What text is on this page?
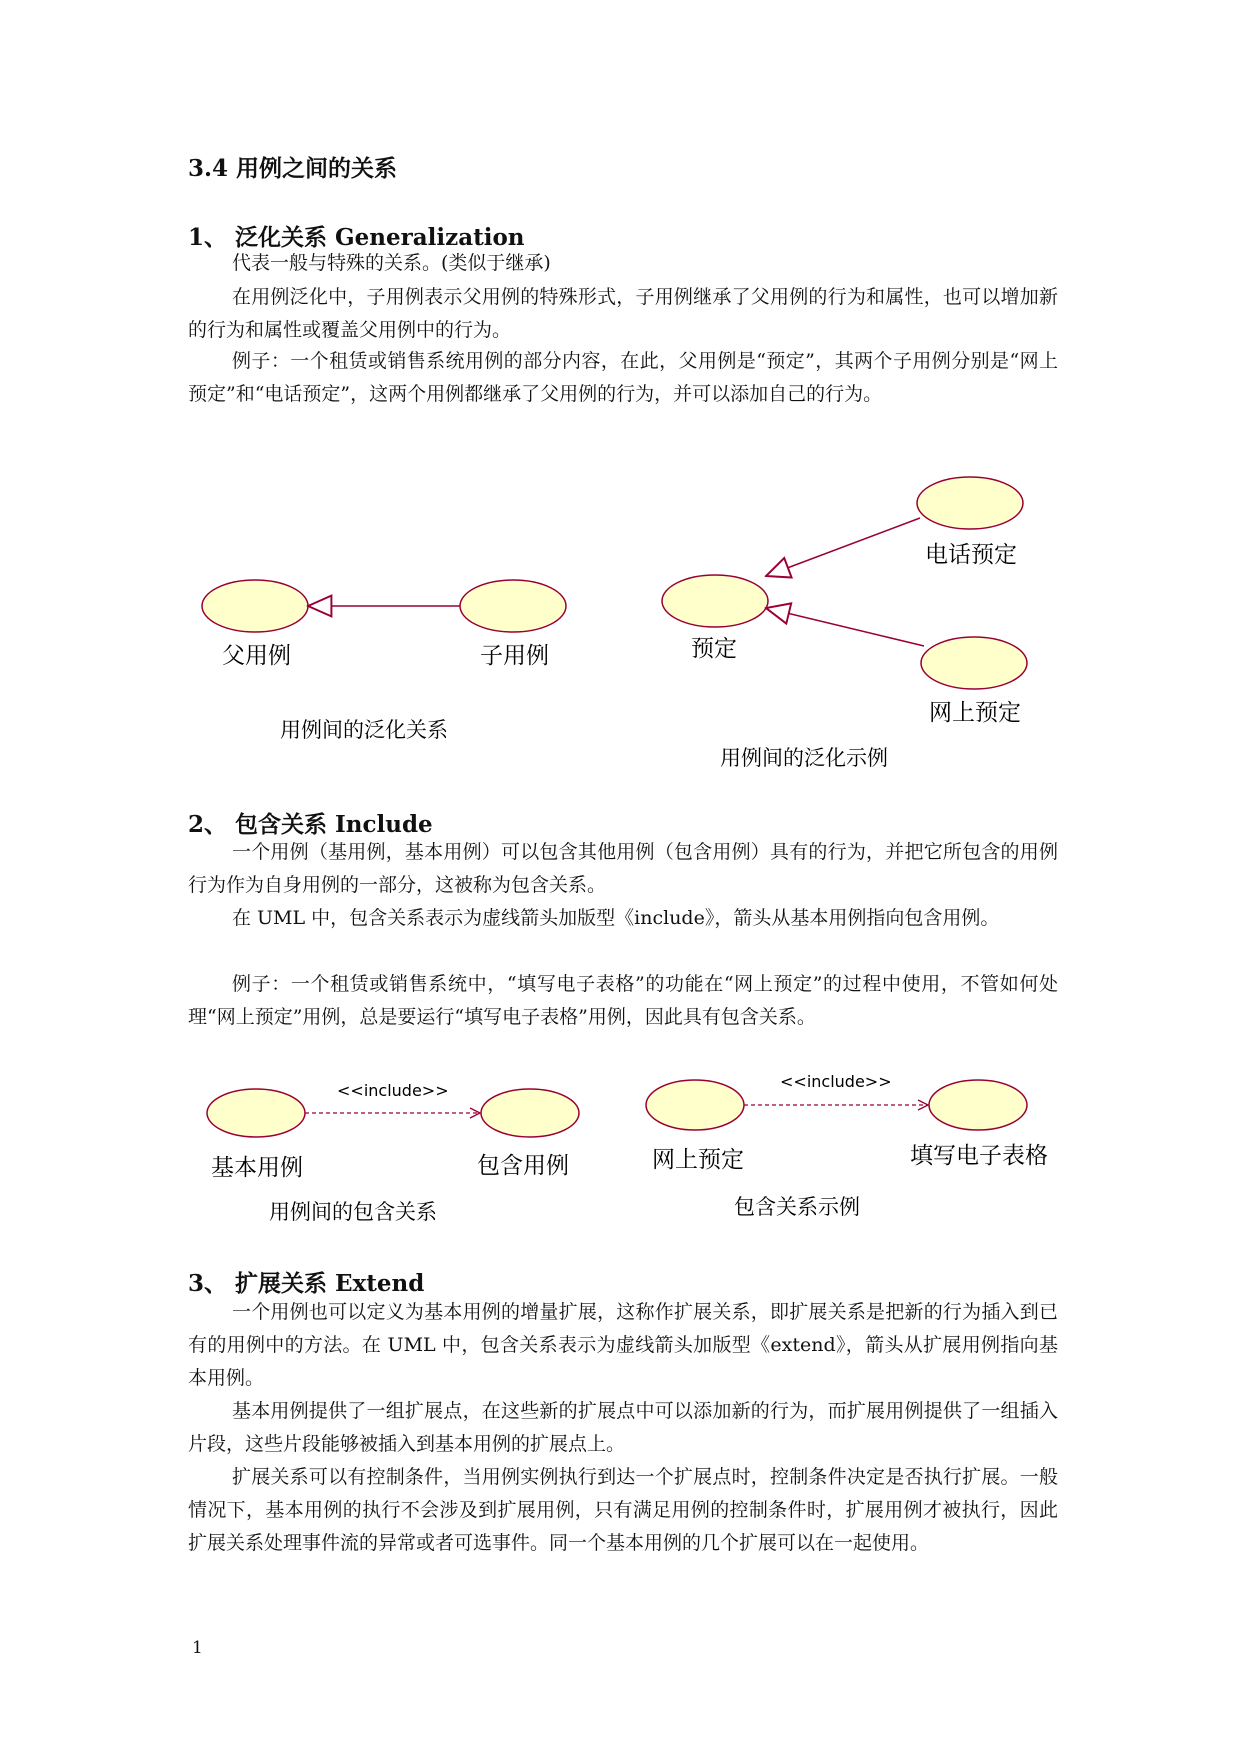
3.4 用例之间的关系
1、 泛化关系 Generalization

代表一般与特殊的关系。(类似于继承)

在用例泛化中，子用例表示父用例的特殊形式，子用例继承了父用例的行为和属性，也可以增加新的行为和属性或覆盖父用例中的行为。

例子：一个租赁或销售系统用例的部分内容，在此，父用例是“预定”，其两个子用例分别是“网上预定”和“电话预定”，这两个用例都继承了父用例的行为，并可以添加自己的行为。

父用例	子用例
用例间的泛化关系
电话预定
预定
网上预定
用例间的泛化示例
2、 包含关系 Include

一个用例（基用例，基本用例）可以包含其他用例（包含用例）具有的行为，并把它所包含的用例行为作为自身用例的一部分，这被称为包含关系。

在 UML 中，包含关系表示为虚线箭头加版型《include》，箭头从基本用例指向包含用例。

例子：一个租赁或销售系统中，“填写电子表格”的功能在“网上预定”的过程中使用，不管如何处理“网上预定”用例，总是要运行“填写电子表格”用例，因此具有包含关系。

<<include>>
基本用例	包含用例
用例间的包含关系
<<include>>
网上预定	填写电子表格
包含关系示例
3、 扩展关系 Extend

一个用例也可以定义为基本用例的增量扩展，这称作扩展关系，即扩展关系是把新的行为插入到已有的用例中的方法。在 UML 中，包含关系表示为虚线箭头加版型《extend》，箭头从扩展用例指向基本用例。

基本用例提供了一组扩展点，在这些新的扩展点中可以添加新的行为，而扩展用例提供了一组插入片段，这些片段能够被插入到基本用例的扩展点上。

扩展关系可以有控制条件，当用例实例执行到达一个扩展点时，控制条件决定是否执行扩展。一般情况下，基本用例的执行不会涉及到扩展用例，只有满足用例的控制条件时，扩展用例才被执行，因此扩展关系处理事件流的异常或者可选事件。同一个基本用例的几个扩展可以在一起使用。

1
